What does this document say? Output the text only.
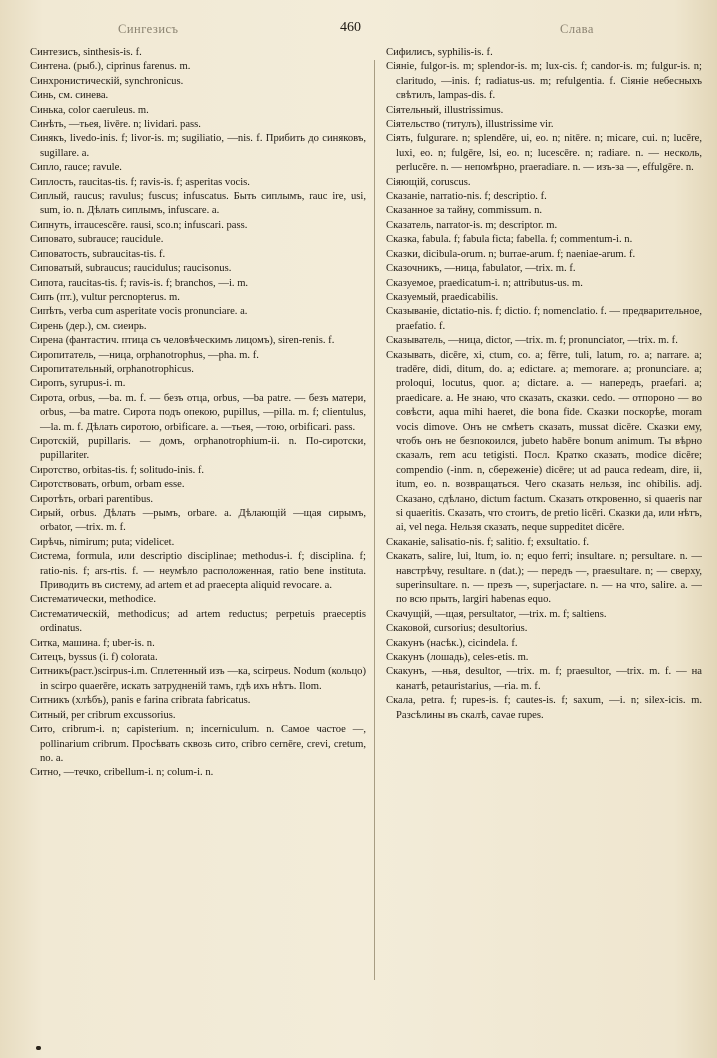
Сингезисъ	460	Слава

Синтезисъ, sinthesis-is. f.

Синтена. (рыб.), ciprinus farenus. m.

Синхронистическій, synchronicus.

Синь, см. синева.

Синька, color caeruleus. m.

Синѣть, —тьея, livēre. n; lividari. pass.

Синякъ, livedo-inis. f; livor-is. m; sugiliatio, —nis. f. Прибить до синяковъ, sugillare. a.

Сипло, rauce; ravule.

Сиплость, raucitas-tis. f; ravis-is. f; asperitas vocis.

Сиплый, raucus; ravulus; fuscus; infuscatus. Быть сиплымъ, rauc ire, usi, sum, io. n. Дѣлать сиплымъ, infuscare. a.

Сипнуть, irraucescēre. rausi, sco.n; infuscari. pass.

Сиповато, subrauce; raucidule.

Сиповатость, subraucitas-tis. f.

Сиповатый, subraucus; raucidulus; raucisonus.

Сипота, raucitas-tis. f; ravis-is. f; branchos, —i. m.

Сипъ (пт.), vultur percnopterus. m.

Сипѣть, verba cum asperitate vocis pronunciare. a.

Сирень (дер.), см. сиеирь.

Сирена (фантастич. птица съ человѣческимъ лицомъ), siren-renis. f.

Сиропитатель, —ница, orphanotrophus, —pha. m. f.

Сиропитательный, orphanotrophicus.

Сиропъ, syrupus-i. m.

Сирота, orbus, —ba. m. f. — безъ отца, orbus, —ba patre. — безъ матери, orbus, —ba matre. Сирота подъ опекою, pupillus, —pilla. m. f; clientulus, —la. m. f. Дѣлать сиротою, orbificare. a. —тьея, —тою, orbificari. pass.

Сиротскій, pupillaris. — домъ, orphanotrophium-ii. n. По-сиротски, pupillariter.

Сиротство, orbitas-tis. f; solitudo-inis. f.

Сиротствовать, orbum, orbam esse.

Сиротѣть, orbari parentibus.

Сирый, orbus. Дѣлать —рымъ, orbare. a. Дѣлающій —щая сирымъ, orbator, —trix. m. f.

Сирѣчь, nimirum; puta; videlicet.

Система, formula, или descriptio disciplinae; methodus-i. f; disciplina. f; ratio-nis. f; ars-rtis. f. — неумѣло расположенная, ratio bene instituta. Приводить въ систему, ad artem et ad praecepta aliquid revocare. a.

Систематически, methodice.

Систематическій, methodicus; ad artem reductus; perpetuis praeceptis ordinatus.

Ситка, машина. f; uber-is. n.

Ситецъ, byssus (i. f) colorata.

Ситникъ(раст.)scirpus-i.m. Сплетенный изъ —ка, scirpeus. Nodum (кольцо) in scirpo quaerēre, искать затрудненій тамъ, гдѣ ихъ нѣтъ. Ilom.

Ситникъ (хлѣбъ), panis e farina cribrata fabricatus.

Ситный, per cribrum excussorius.

Сито, cribrum-i. n; capisterium. n; incerniculum. n. Самое частое —, pollinarium cribrum. Просѣвать сквозь сито, cribro cernēre, crevi, cretum, no. a.

Ситно, —течко, cribellum-i. n; colum-i. n.

Сифилисъ, syphilis-is. f.

Сіяніе, fulgor-is. m; splendor-is. m; lux-cis. f; candor-is. m; fulgur-is. n; claritudo, —inis. f; radiatus-us. m; refulgentia. f. Сіяніе небесныхъ свѣтилъ, lampas-dis. f.

Сіятельный, illustrissimus.

Сіятельство (титулъ), illustrissime vir.

Сіять, fulgurare. n; splendēre, ui, eo. n; nitēre. n; micare, cui. n; lucēre, luxi, eo. n; fulgēre, lsi, eo. n; lucescēre. n; radiare. n. — несколь, perlucēre. n. — непомѣрно, praeradiare. n. — изъ-за —, effulgēre. n.

Сіяющій, coruscus.

Сказаніе, narratio-nis. f; descriptio. f.

Сказанное за тайну, commissum. n.

Сказатель, narrator-is. m; descriptor. m.

Сказка, fabula. f; fabula ficta; fabella. f; commentum-i. n.

Сказки, dicibula-orum. n; burrae-arum. f; naeniae-arum. f.

Сказочникъ, —ница, fabulator, —trix. m. f.

Сказуемое, praedicatum-i. n; attributus-us. m.

Сказуемый, praedicabilis.

Сказываніе, dictatio-nis. f; dictio. f; nomenclatio. f. — предварительное, praefatio. f.

Сказыватель, —ница, dictor, —trix. m. f; pronunciator, —trix. m. f.

Сказывать, dicēre, xi, ctum, co. a; fērre, tuli, latum, ro. a; narrare. a; tradēre, didi, ditum, do. a; edictare. a; memorare. a; pronunciare. a; proloqui, locutus, quor. a; dictare. a. — напередъ, praefari. a; praedicare. a. Не знаю, что сказать, сказки. cedo. — отпороно — во совѣсти, aqua mihi haeret, die bona fide. Сказки поскорѣе, moram vocis dimove. Онъ не смѣетъ сказать, mussat dicēre. Сказки ему, чтобъ онъ не безпокоился, jubeto habēre bonum animum. Ты вѣрно сказалъ, rem acu tetigisti. Посл. Кратко сказать, modice dicēre; compendio (-inm. n, сбереженіе) dicēre; ut ad pauca redeam, dire, ii, itum, eo. n. возвращаться. Чего сказать нельзя, inc ohibilis. adj. Сказано, сдѣлано, dictum factum. Сказать откровенно, si quaeris nar si quaeritis. Сказать, что стоитъ, de pretio licēri. Сказки да, или нѣтъ, ai, vel nega. Нельзя сказать, neque suppeditet dicēre.

Скаканіе, salisatio-nis. f; salitio. f; exsultatio. f.

Скакать, salire, lui, ltum, io. n; equo ferri; insultare. n; persultare. n. — навстрѣчу, resultare. n (dat.); — передъ —, praesultare. n; — сверху, superinsultare. n. — презъ —, superjactare. n. — на что, salire. a. — по всю прыть, largiri habenas equo.

Скачущій, —щая, persultator, —trix. m. f; saltiens.

Скаковой, cursorius; desultorius.

Скакунъ (насѣк.), cicindela. f.

Скакунъ (лошадь), celes-etis. m.

Скакунъ, —нья, desultor, —trix. m. f; praesultor, —trix. m. f. — на канатѣ, petauristarius, —ria. m. f.

Скала, petra. f; rupes-is. f; cautes-is. f; saxum, —i. n; silex-icis. m. Разсѣлины въ скалѣ, cavae rupes.
